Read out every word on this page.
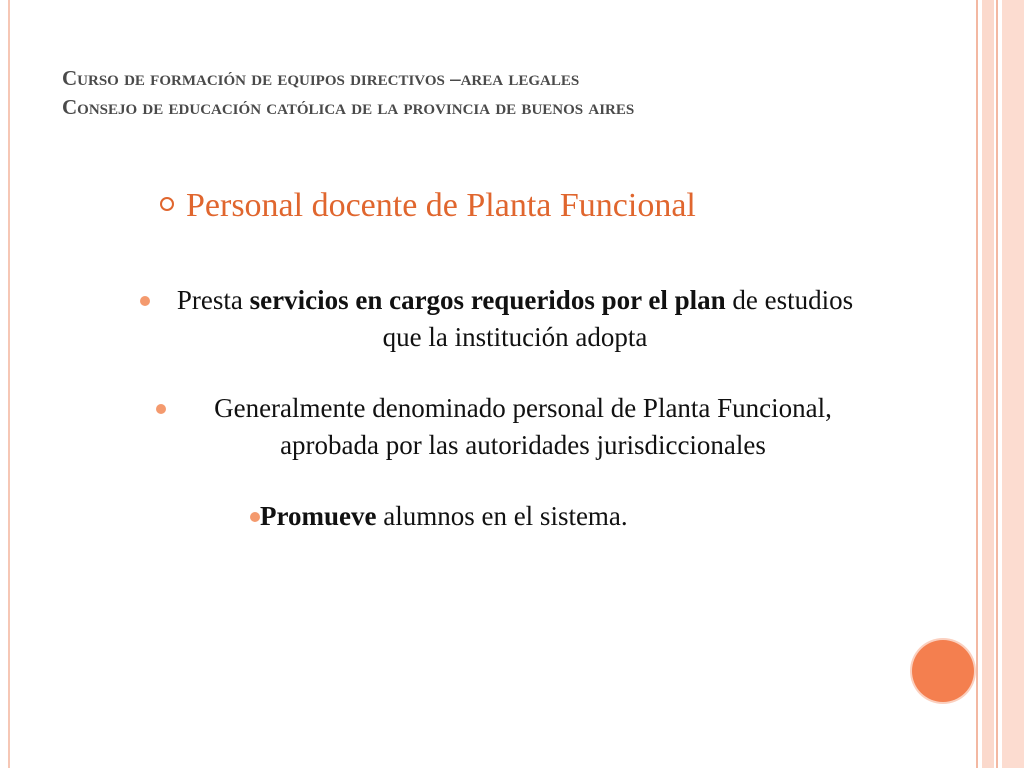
Curso de formación de equipos directivos –area legales
Consejo de educación católica de la provincia de buenos aires
Personal docente de Planta Funcional
Presta servicios en cargos requeridos por el plan de estudios que la institución adopta
Generalmente denominado personal de Planta Funcional, aprobada por las autoridades jurisdiccionales
Promueve alumnos en el sistema.
